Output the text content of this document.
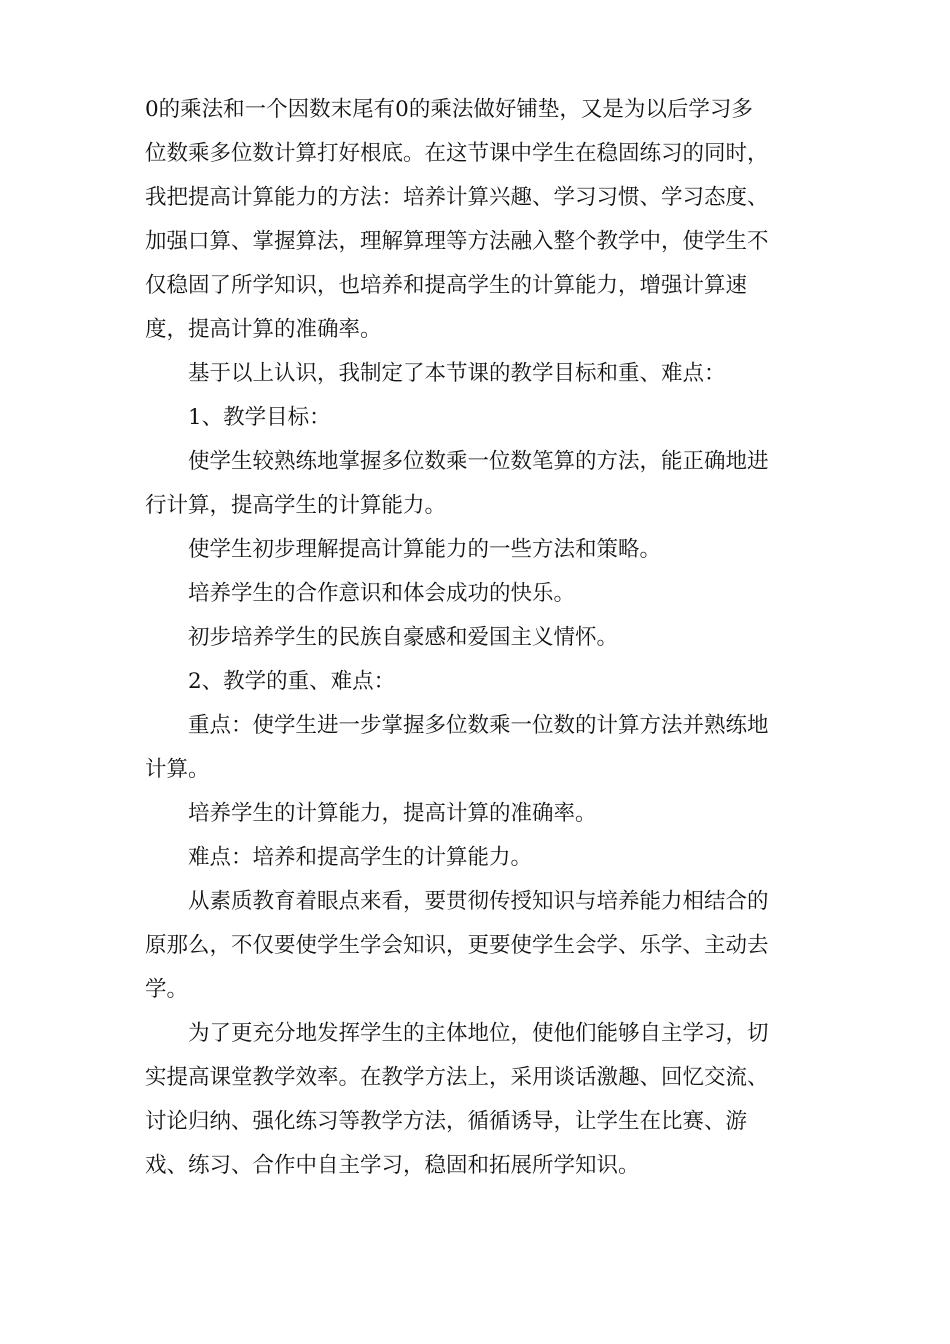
0的乘法和一个因数末尾有0的乘法做好铺垫，又是为以后学习多

位数乘多位数计算打好根底。在这节课中学生在稳固练习的同时，

我把提高计算能力的方法：培养计算兴趣、学习习惯、学习态度、

加强口算、掌握算法，理解算理等方法融入整个教学中，使学生不

仅稳固了所学知识，也培养和提高学生的计算能力，增强计算速

度，提高计算的准确率。

基于以上认识，我制定了本节课的教学目标和重、难点：

1、教学目标：

使学生较熟练地掌握多位数乘一位数笔算的方法，能正确地进

行计算，提高学生的计算能力。

使学生初步理解提高计算能力的一些方法和策略。

培养学生的合作意识和体会成功的快乐。

初步培养学生的民族自豪感和爱国主义情怀。

2、教学的重、难点：

重点：使学生进一步掌握多位数乘一位数的计算方法并熟练地

计算。

培养学生的计算能力，提高计算的准确率。

难点：培养和提高学生的计算能力。

从素质教育着眼点来看，要贯彻传授知识与培养能力相结合的

原那么，不仅要使学生学会知识，更要使学生会学、乐学、主动去

学。

为了更充分地发挥学生的主体地位，使他们能够自主学习，切

实提高课堂教学效率。在教学方法上，采用谈话激趣、回忆交流、

讨论归纳、强化练习等教学方法，循循诱导，让学生在比赛、游

戏、练习、合作中自主学习，稳固和拓展所学知识。
